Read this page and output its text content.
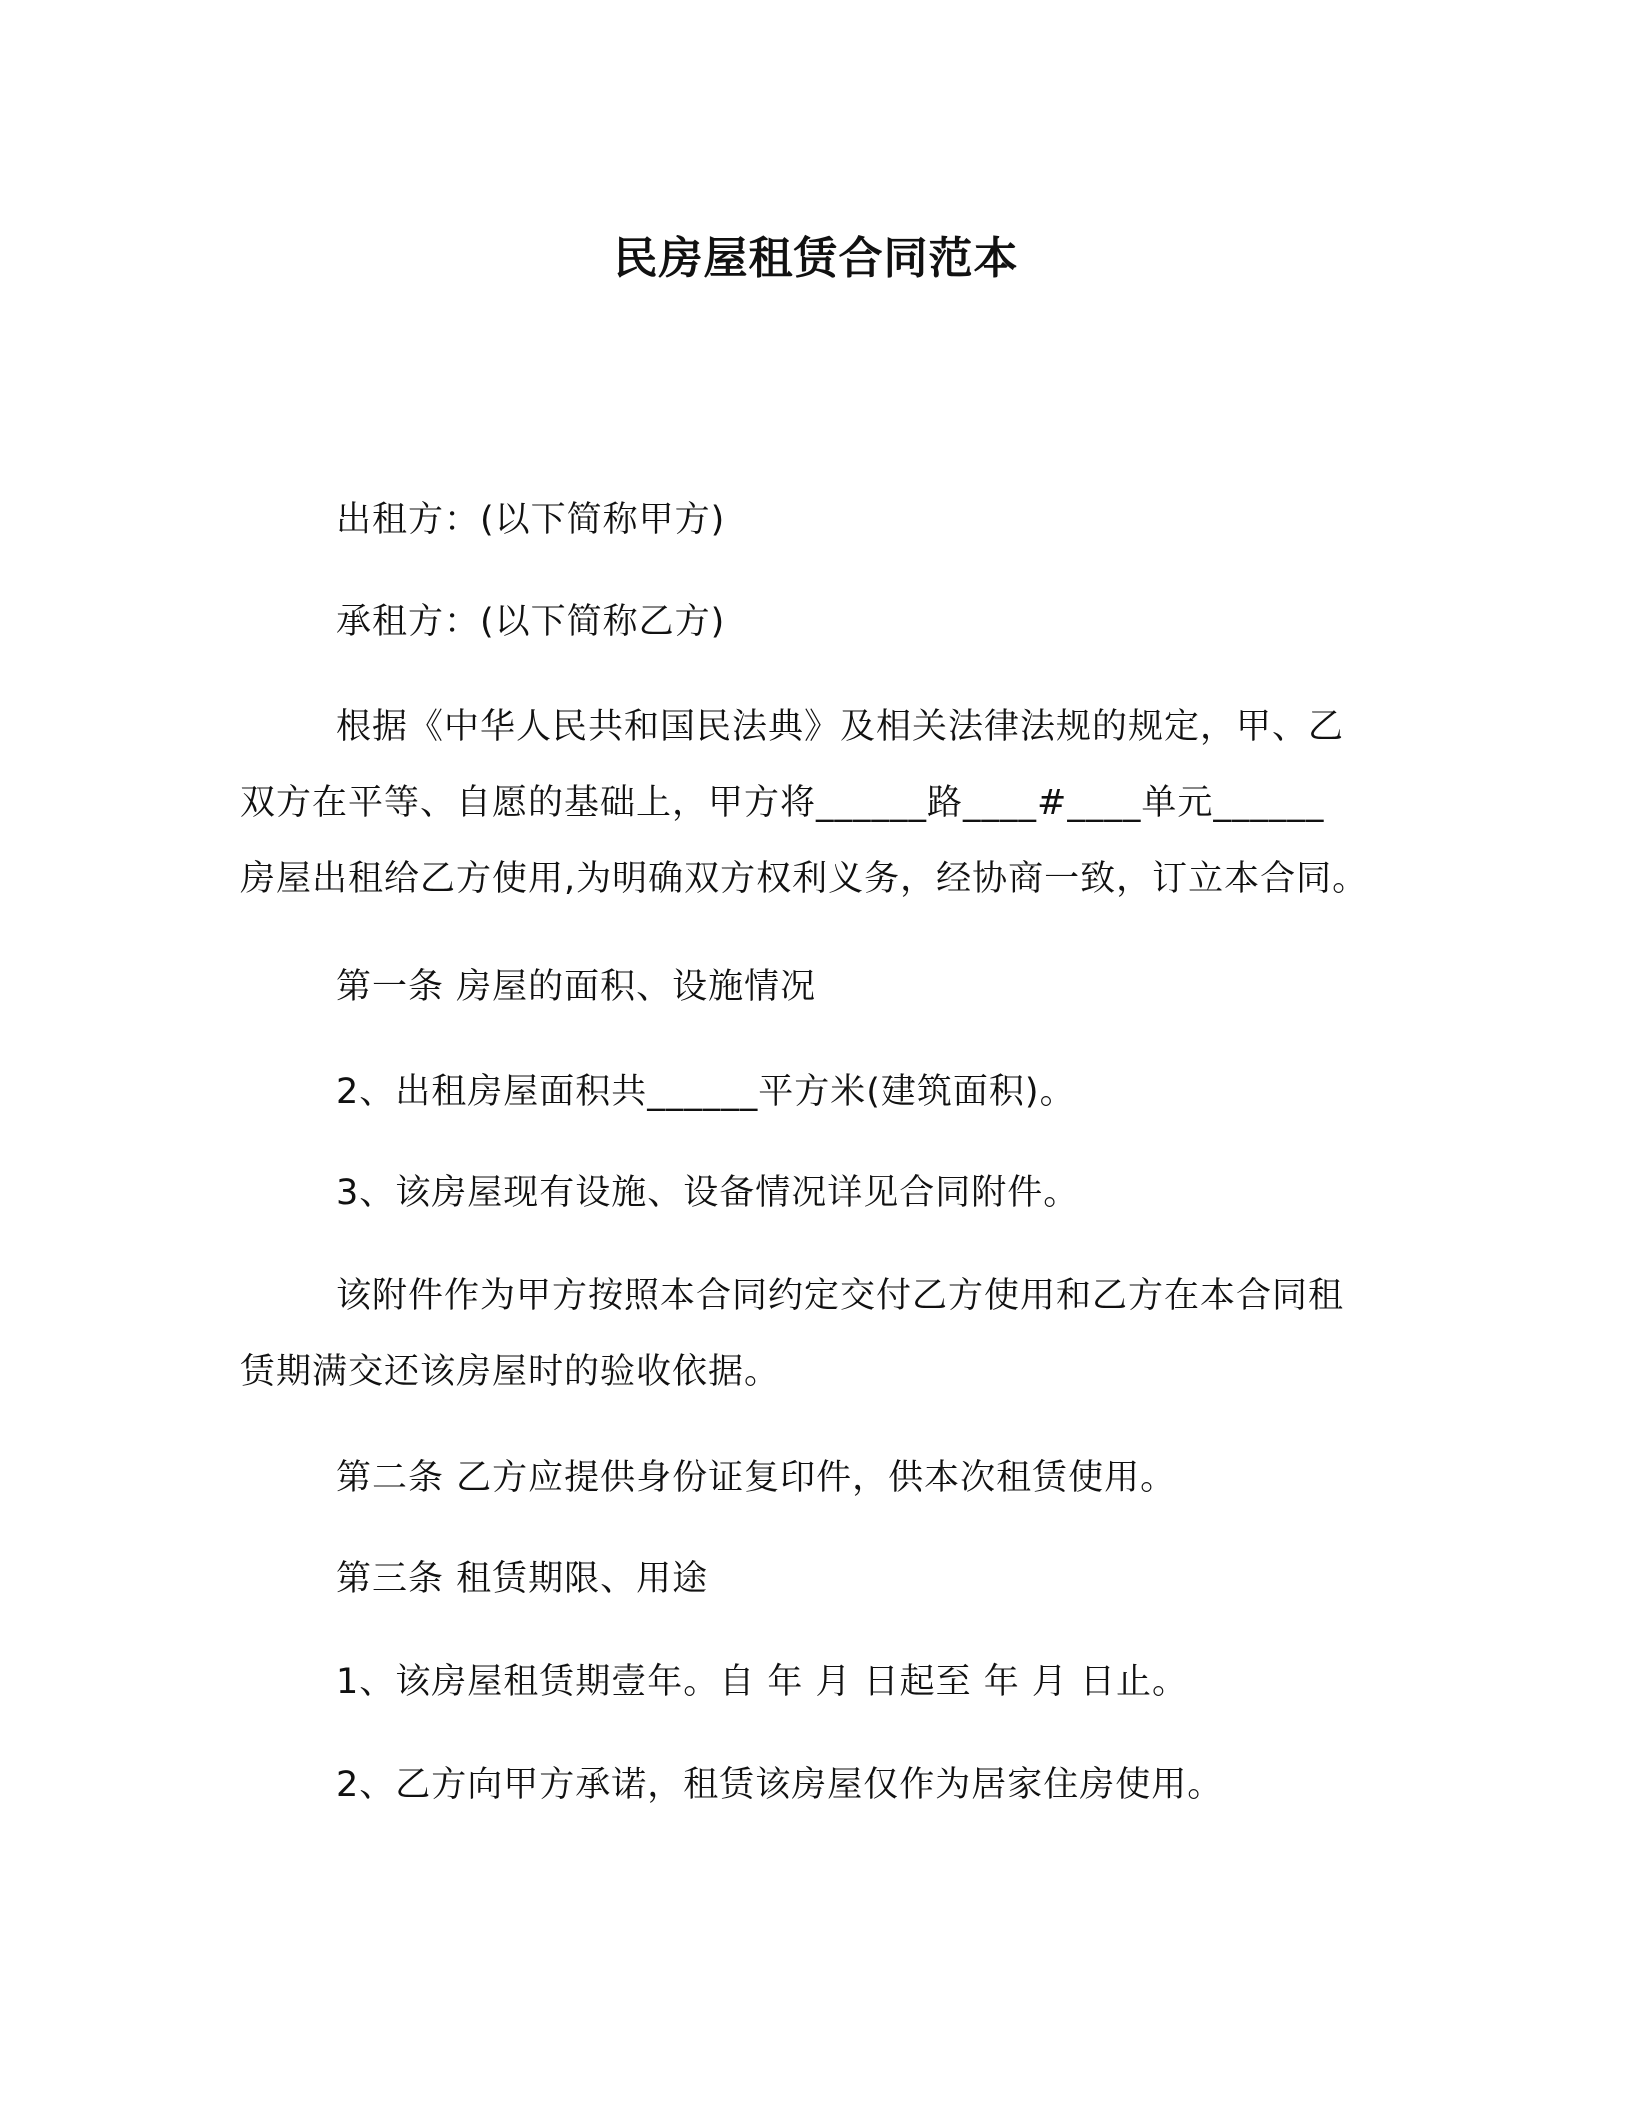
民房屋租赁合同范本
出租方：(以下简称甲方)
承租方：(以下简称乙方)
根据《中华人民共和国民法典》及相关法律法规的规定，甲、乙
双方在平等、自愿的基础上，甲方将______路____#____单元______
房屋出租给乙方使用,为明确双方权利义务，经协商一致，订立本合同。
第一条 房屋的面积、设施情况
2、出租房屋面积共______平方米(建筑面积)。
3、该房屋现有设施、设备情况详见合同附件。
该附件作为甲方按照本合同约定交付乙方使用和乙方在本合同租
赁期满交还该房屋时的验收依据。
第二条 乙方应提供身份证复印件，供本次租赁使用。
第三条 租赁期限、用途
1、该房屋租赁期壹年。自 年 月 日起至 年 月 日止。
2、乙方向甲方承诺，租赁该房屋仅作为居家住房使用。
